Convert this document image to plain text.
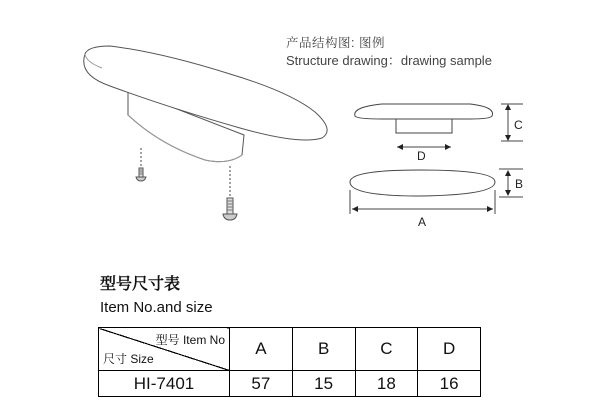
产品结构图: 图例

Structure drawing：drawing sample

C
D
B
A

型号尺寸表

Item No.and size

型号 Item No
尺寸 Size	A	B	C	D
HI-7401	57	15	18	16
